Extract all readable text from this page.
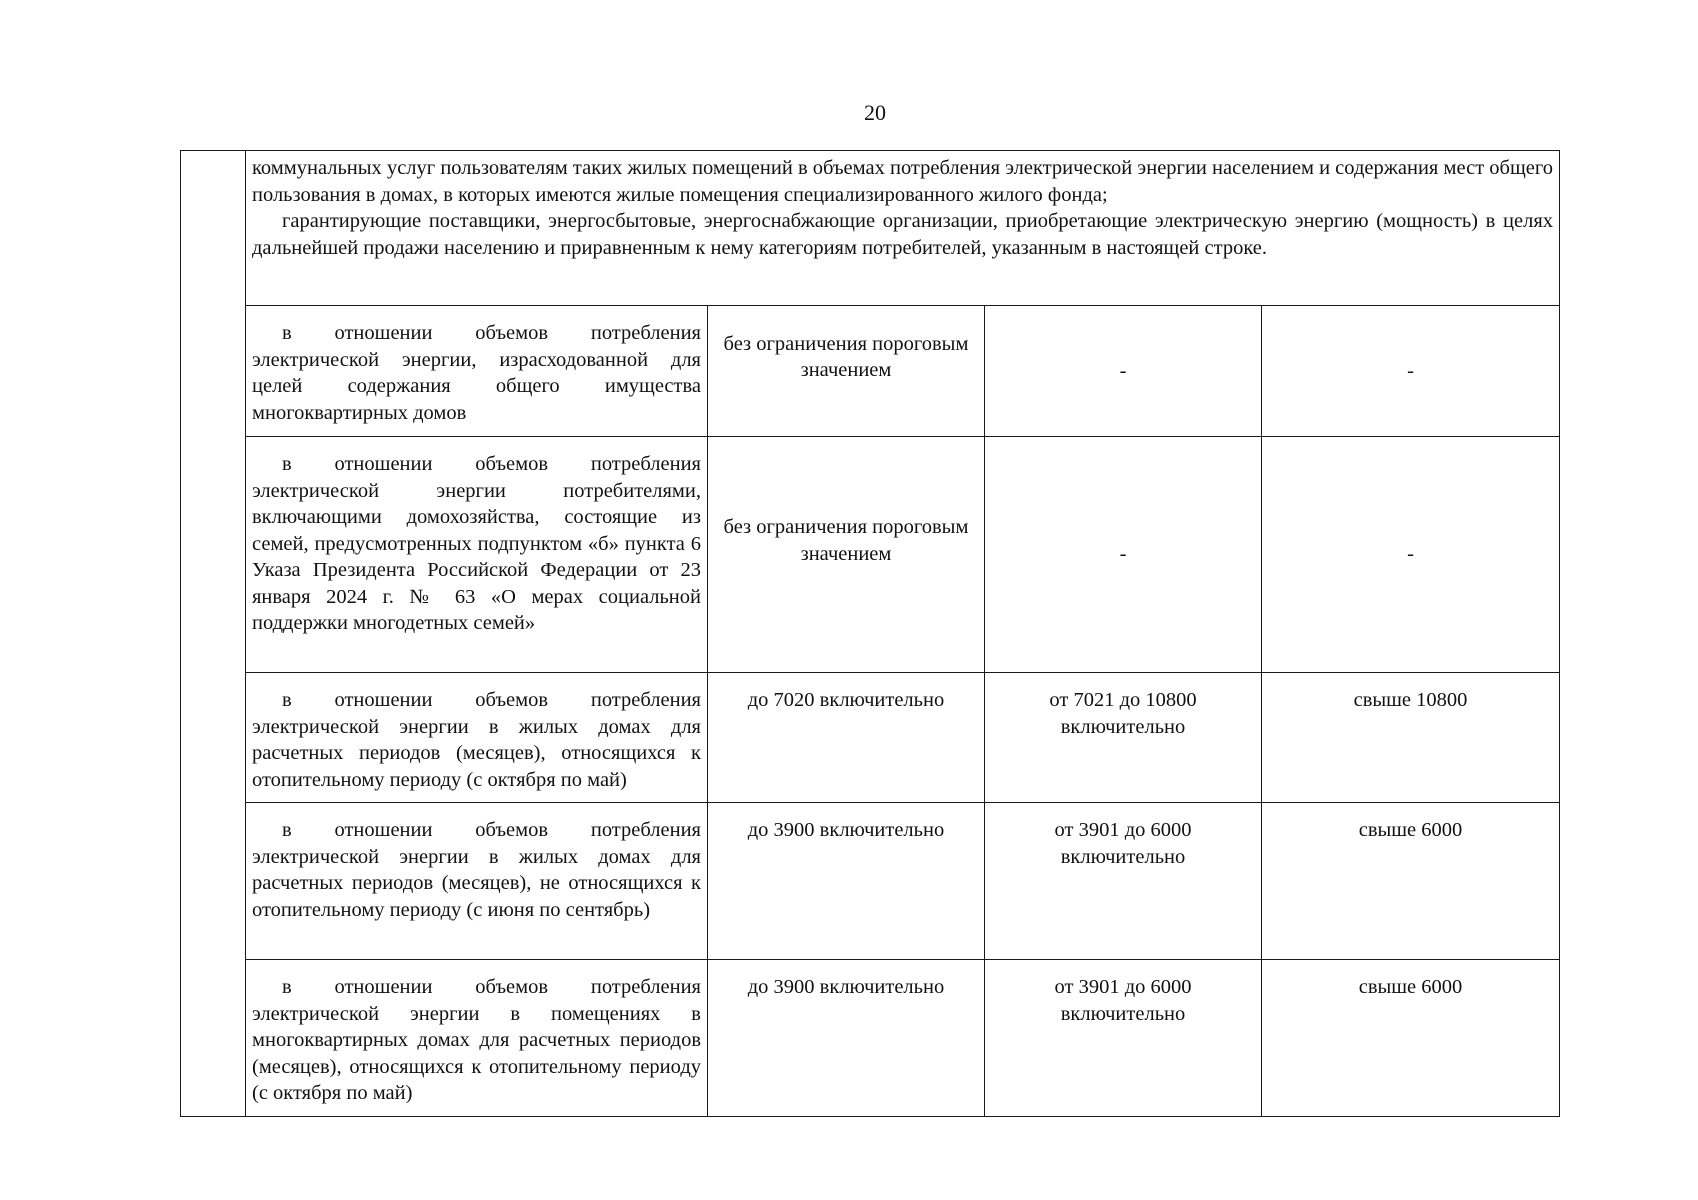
20

	коммунальных услуг пользователям таких жилых помещений в объемах потребления электрической энергии населением и содержания мест общего пользования в домах, в которых имеются жилые помещения специализированного жилого фонда;

гарантирующие поставщики, энергосбытовые, энергоснабжающие организации, приобретающие электрическую энергию (мощность) в целях дальнейшей продажи населению и приравненным к нему категориям потребителей, указанным в настоящей строке.			

	в отношении объемов потребления электрической энергии, израсходованной для целей содержания общего имущества многоквартирных домов	без ограничения пороговым значением	-	-

	в отношении объемов потребления электрической энергии потребителями, включающими домохозяйства, состоящие из семей, предусмотренных подпунктом «б» пункта 6 Указа Президента Российской Федерации от 23 января 2024 г. № 63 «О мерах социальной поддержки многодетных семей»	без ограничения пороговым значением	-	-

	в отношении объемов потребления электрической энергии в жилых домах для расчетных периодов (месяцев), относящихся к отопительному периоду (с октября по май)	до 7020 включительно	от 7021 до 10800 включительно	свыше 10800

	в отношении объемов потребления электрической энергии в жилых домах для расчетных периодов (месяцев), не относящихся к отопительному периоду (с июня по сентябрь)	до 3900 включительно	от 3901 до 6000 включительно	свыше 6000

	в отношении объемов потребления электрической энергии в помещениях в многоквартирных домах для расчетных периодов (месяцев), относящихся к отопительному периоду (с октября по май)	до 3900 включительно	от 3901 до 6000 включительно	свыше 6000
